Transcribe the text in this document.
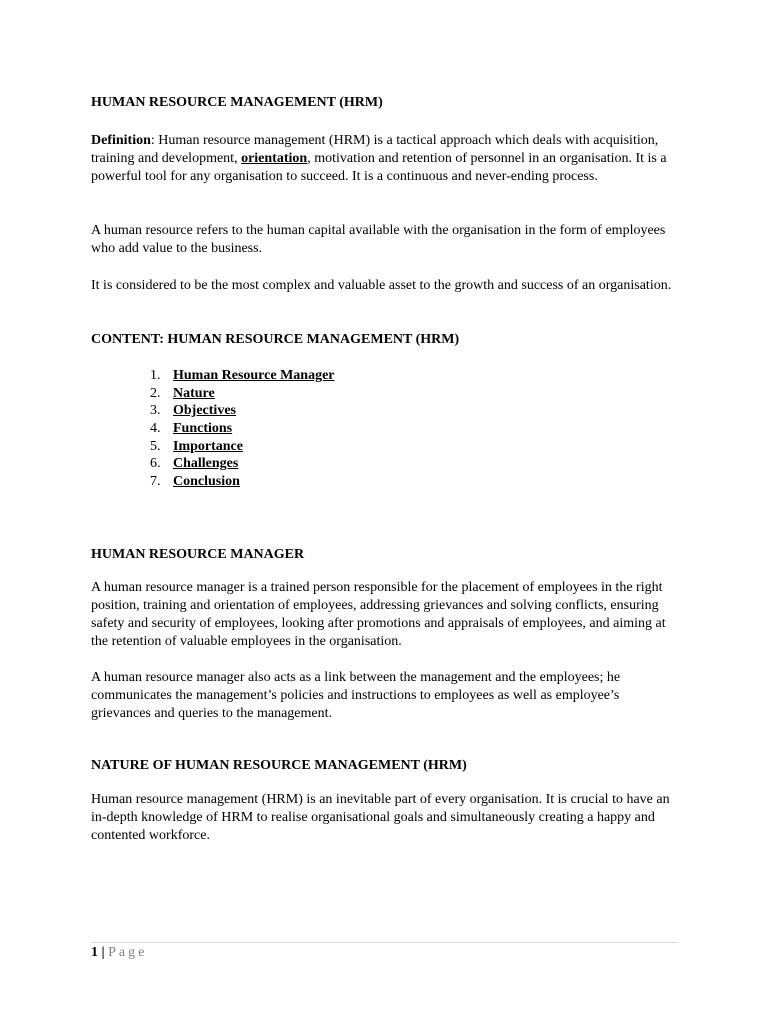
HUMAN RESOURCE MANAGEMENT (HRM)

Definition: Human resource management (HRM) is a tactical approach which deals with acquisition, training and development, orientation, motivation and retention of personnel in an organisation. It is a powerful tool for any organisation to succeed. It is a continuous and never-ending process.

A human resource refers to the human capital available with the organisation in the form of employees who add value to the business.

It is considered to be the most complex and valuable asset to the growth and success of an organisation.

CONTENT: HUMAN RESOURCE MANAGEMENT (HRM)

1. Human Resource Manager
2. Nature
3. Objectives
4. Functions
5. Importance
6. Challenges
7. Conclusion

HUMAN RESOURCE MANAGER

A human resource manager is a trained person responsible for the placement of employees in the right position, training and orientation of employees, addressing grievances and solving conflicts, ensuring safety and security of employees, looking after promotions and appraisals of employees, and aiming at the retention of valuable employees in the organisation.

A human resource manager also acts as a link between the management and the employees; he communicates the management’s policies and instructions to employees as well as employee’s grievances and queries to the management.

NATURE OF HUMAN RESOURCE MANAGEMENT (HRM)

Human resource management (HRM) is an inevitable part of every organisation. It is crucial to have an in-depth knowledge of HRM to realise organisational goals and simultaneously creating a happy and contented workforce.

1 | Page
